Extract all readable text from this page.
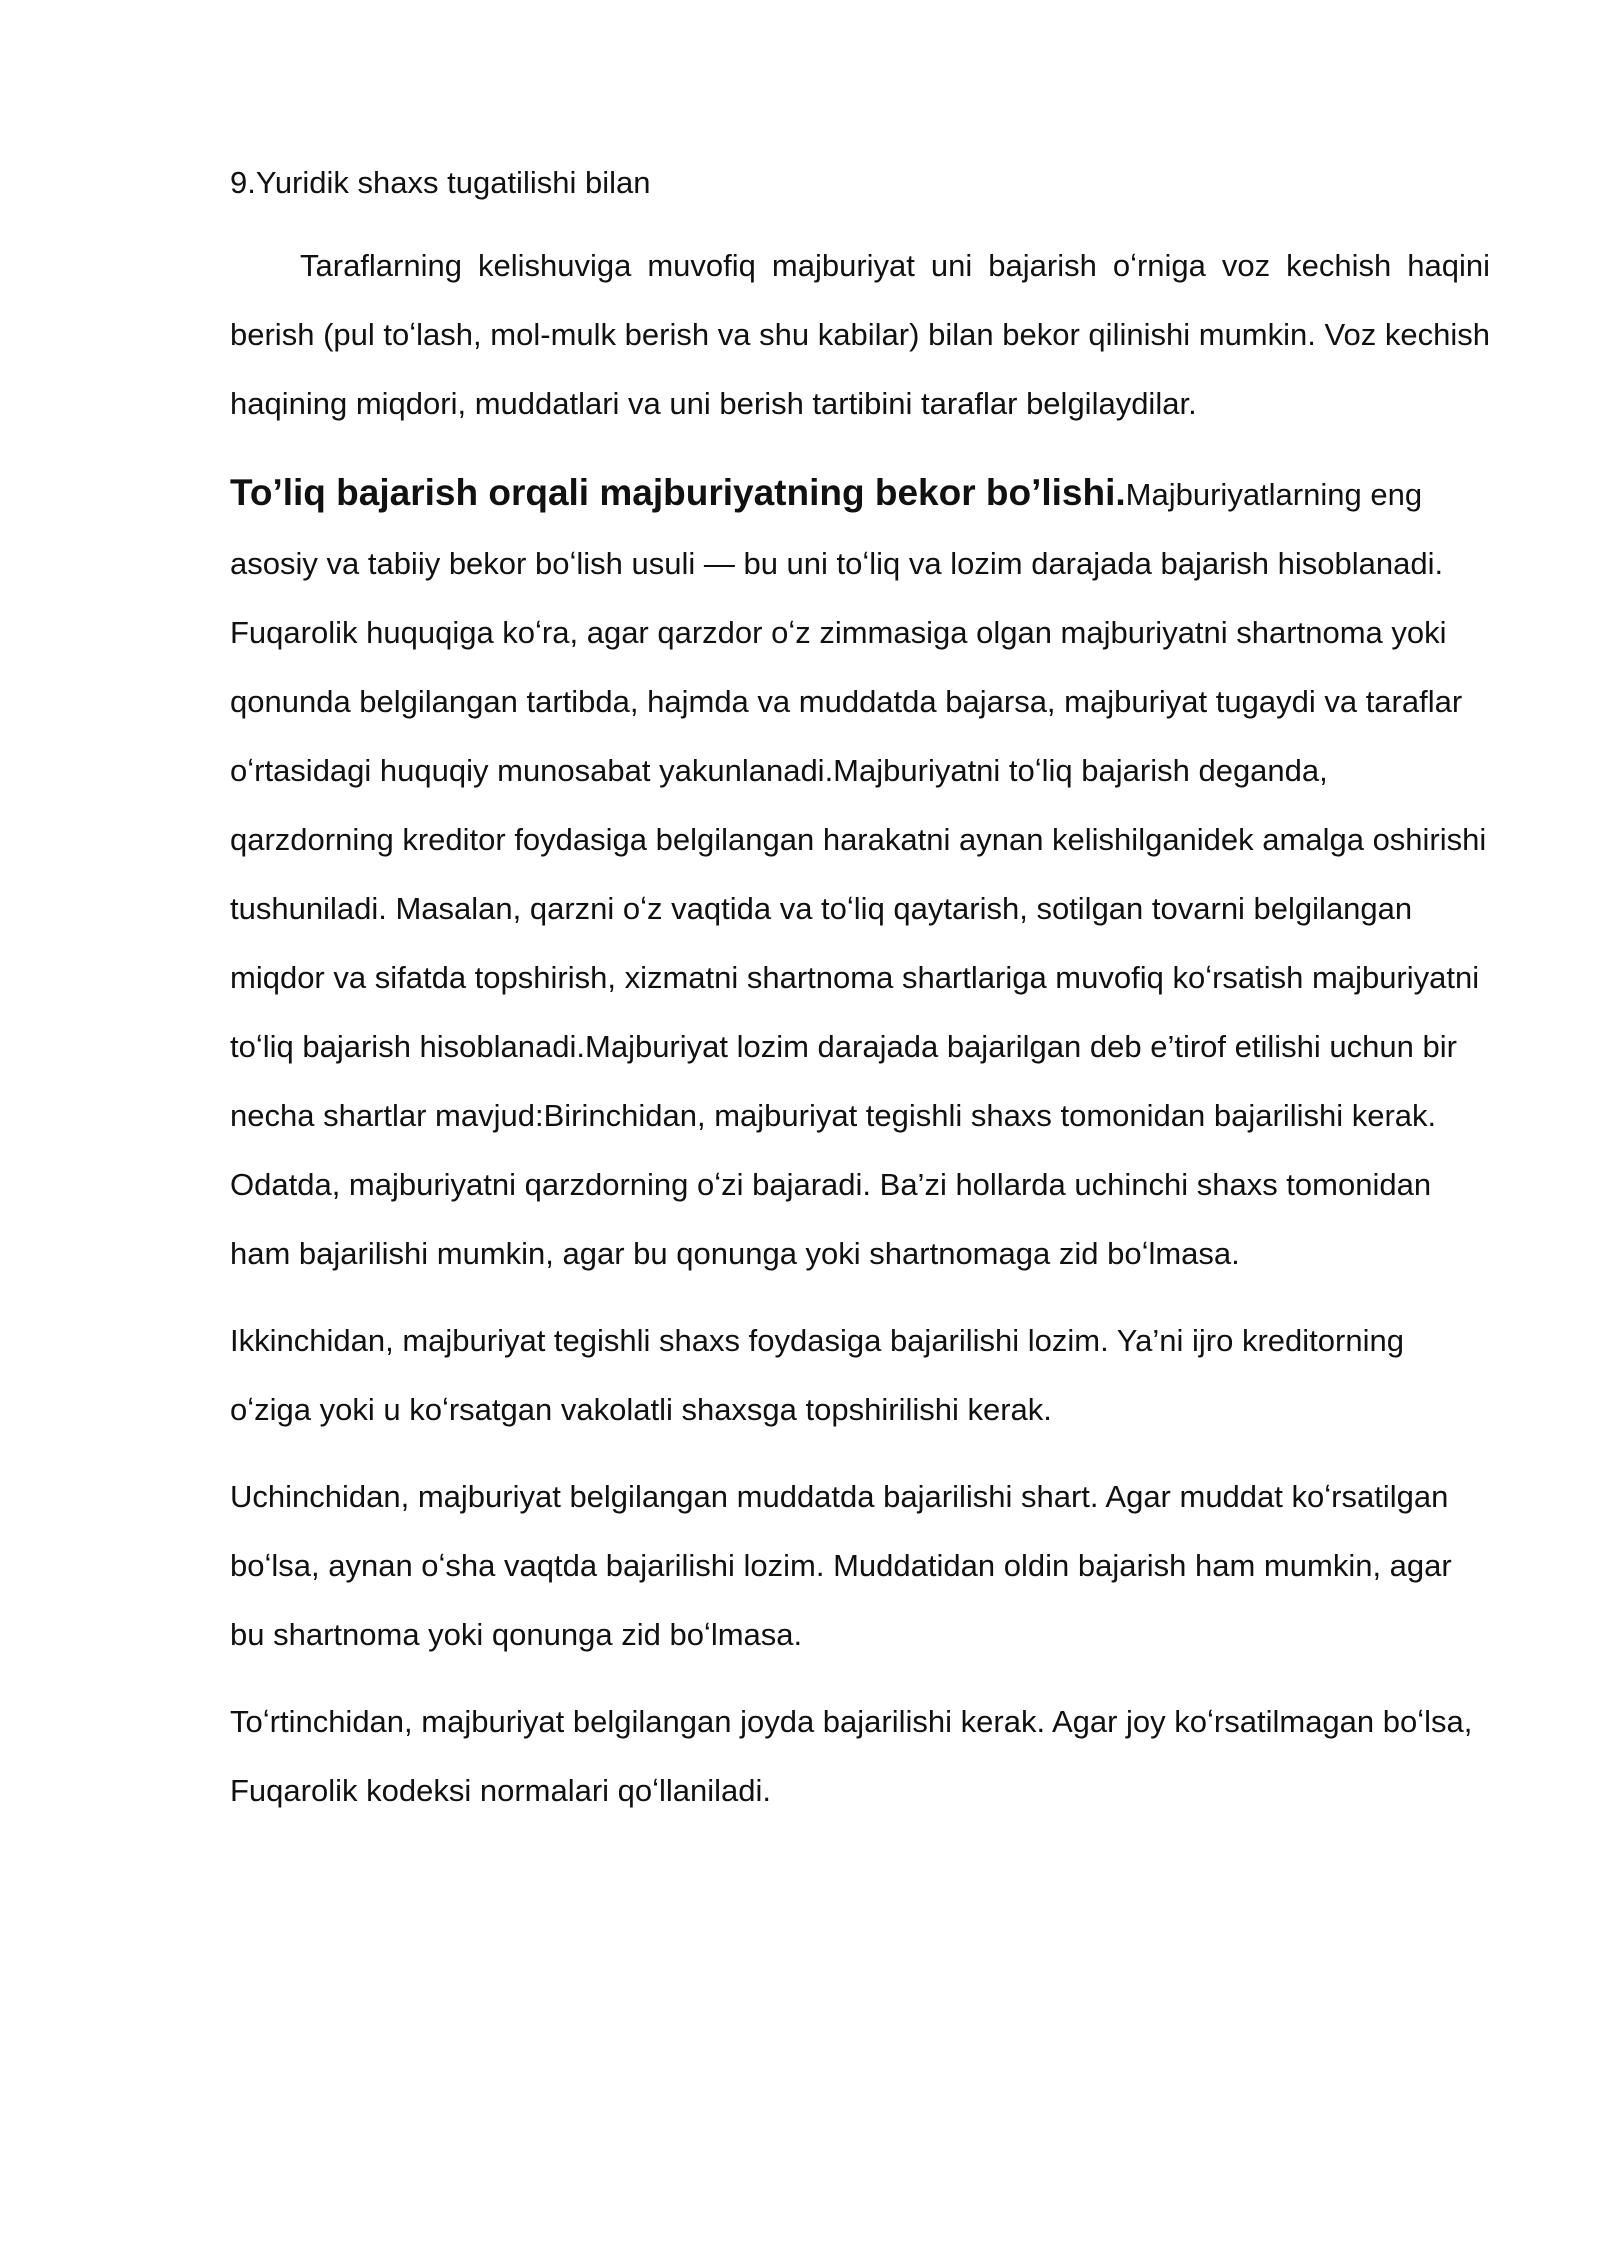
9.Yuridik shaxs tugatilishi bilan

Taraflarning kelishuviga muvofiq majburiyat uni bajarish oʻrniga voz kechish haqini berish (pul toʻlash, mol-mulk berish va shu kabilar) bilan bekor qilinishi mumkin. Voz kechish haqining miqdori, muddatlari va uni berish tartibini taraflar belgilaydilar.

To’liq bajarish orqali majburiyatning bekor bo’lishi.Majburiyatlarning eng asosiy va tabiiy bekor boʻlish usuli — bu uni toʻliq va lozim darajada bajarish hisoblanadi. Fuqarolik huquqiga koʻra, agar qarzdor oʻz zimmasiga olgan majburiyatni shartnoma yoki qonunda belgilangan tartibda, hajmda va muddatda bajarsa, majburiyat tugaydi va taraflar oʻrtasidagi huquqiy munosabat yakunlanadi.Majburiyatni toʻliq bajarish deganda, qarzdorning kreditor foydasiga belgilangan harakatni aynan kelishilganidek amalga oshirishi tushuniladi. Masalan, qarzni oʻz vaqtida va toʻliq qaytarish, sotilgan tovarni belgilangan miqdor va sifatda topshirish, xizmatni shartnoma shartlariga muvofiq koʻrsatish majburiyatni toʻliq bajarish hisoblanadi.Majburiyat lozim darajada bajarilgan deb e’tirof etilishi uchun bir necha shartlar mavjud:Birinchidan, majburiyat tegishli shaxs tomonidan bajarilishi kerak. Odatda, majburiyatni qarzdorning oʻzi bajaradi. Ba’zi hollarda uchinchi shaxs tomonidan ham bajarilishi mumkin, agar bu qonunga yoki shartnomaga zid boʻlmasa.

Ikkinchidan, majburiyat tegishli shaxs foydasiga bajarilishi lozim. Ya’ni ijro kreditorning oʻziga yoki u koʻrsatgan vakolatli shaxsga topshirilishi kerak.

Uchinchidan, majburiyat belgilangan muddatda bajarilishi shart. Agar muddat koʻrsatilgan boʻlsa, aynan oʻsha vaqtda bajarilishi lozim. Muddatidan oldin bajarish ham mumkin, agar bu shartnoma yoki qonunga zid boʻlmasa.

Toʻrtinchidan, majburiyat belgilangan joyda bajarilishi kerak. Agar joy koʻrsatilmagan boʻlsa, Fuqarolik kodeksi normalari qoʻllaniladi.
